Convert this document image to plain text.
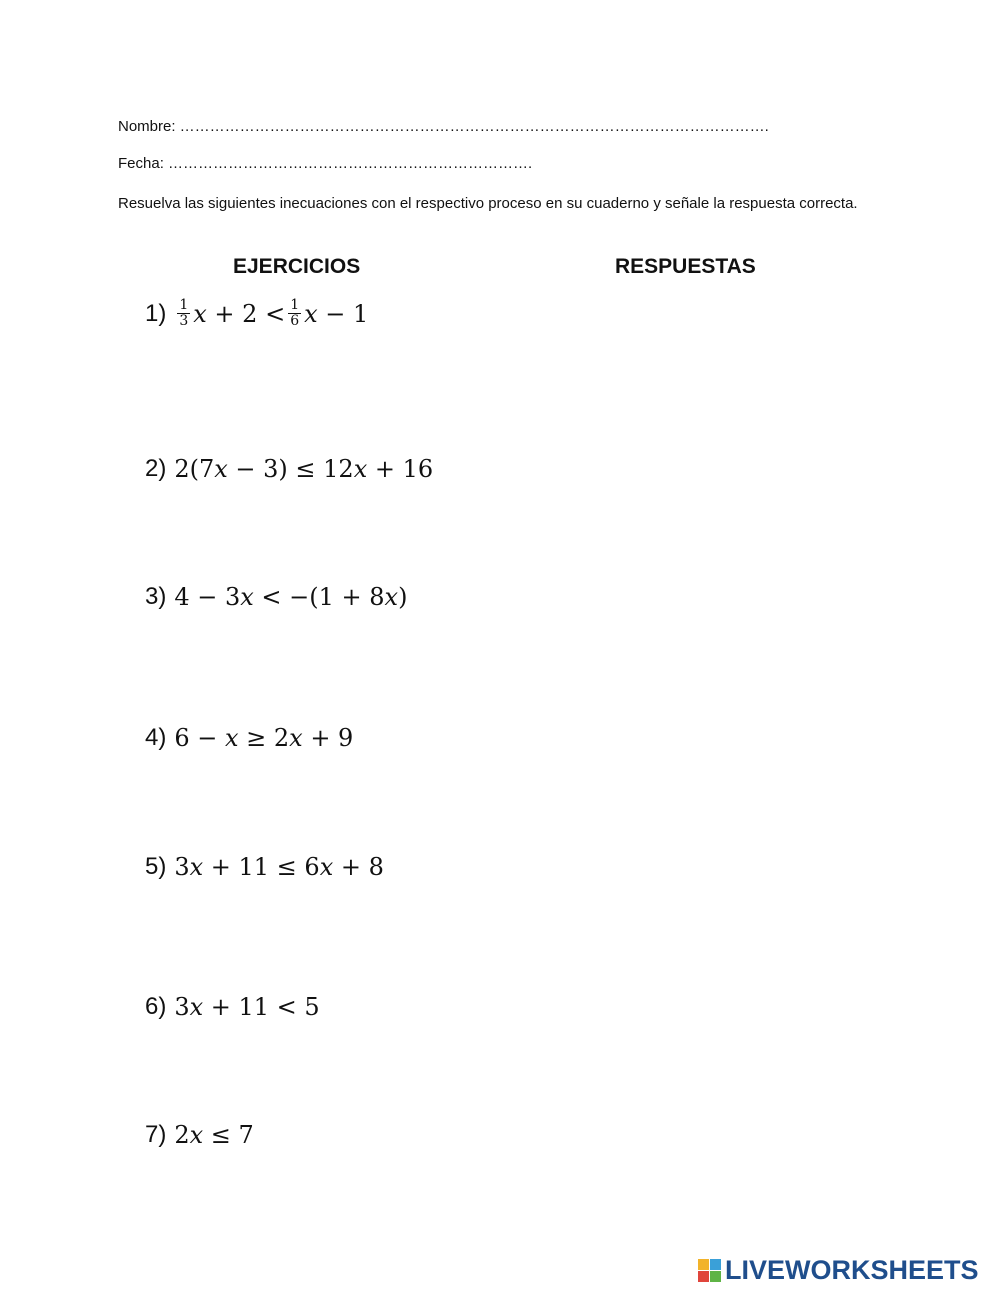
Nombre: ……………………………………………………………………………………………………….
Fecha: ……………………………………………………………….
Resuelva las siguientes inecuaciones con el respectivo proceso en su cuaderno y señale la respuesta correcta.
EJERCICIOS	RESPUESTAS
$1) \frac{1}{3}$ 𝑥 + $2 < \frac{1}{6}$ 𝑥 − 1
2) 2(7𝑥 − 3) ≤ 12𝑥 + 16
3) 4 − 3𝑥 < −(1 + 8𝑥)
4) 6 − 𝑥 ≥ 2𝑥 + 9
5) 3𝑥 + 11 ≤ 6𝑥 + 8
6) 3𝑥 + 11 < 5
7) 2𝑥 ≤ 7
LIVEWORKSHEETS
